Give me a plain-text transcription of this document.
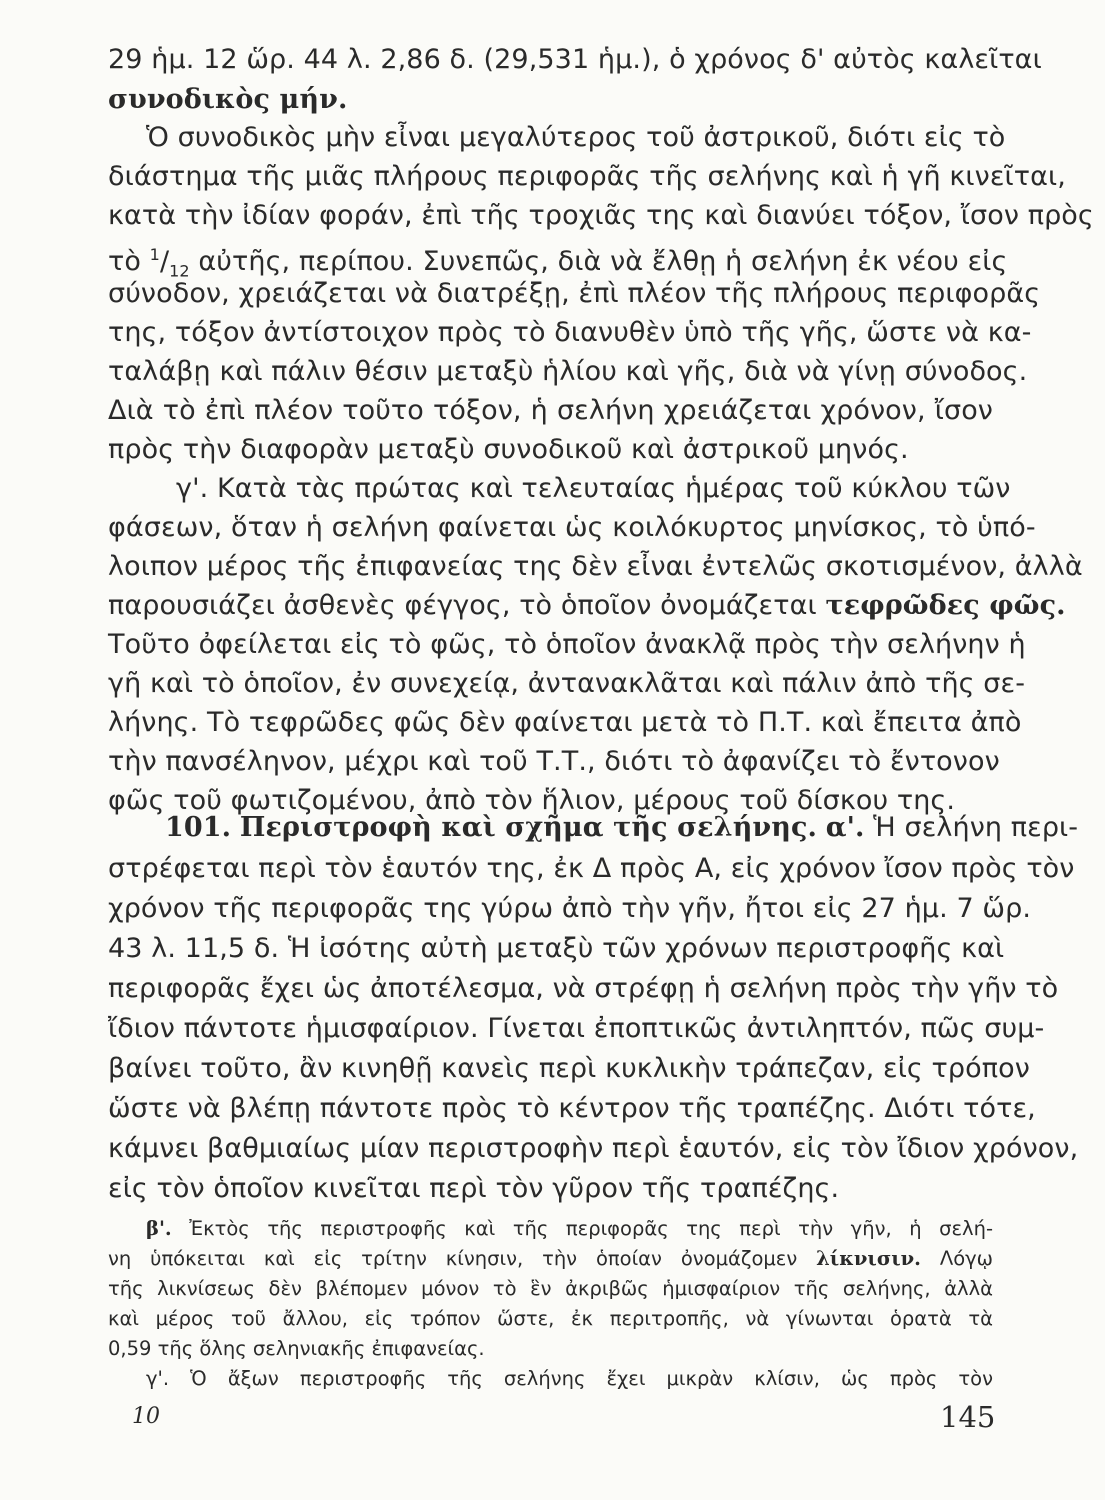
29 ἡμ. 12 ὥρ. 44 λ. 2,86 δ. (29,531 ἡμ.), ὁ χρόνος δ' αὐτὸς καλεῖται
συνοδικὸς μήν.
Ὁ συνοδικὸς μὴν εἶναι μεγαλύτερος τοῦ ἀστρικοῦ, διότι εἰς τὸ
διάστημα τῆς μιᾶς πλήρους περιφορᾶς τῆς σελήνης καὶ ἡ γῆ κινεῖται,
κατὰ τὴν ἰδίαν φοράν, ἐπὶ τῆς τροχιᾶς της καὶ διανύει τόξον, ἴσον πρὸς
τὸ $^1/_{12}$ αὐτῆς, περίπου. Συνεπῶς, διὰ νὰ ἔλθῃ ἡ σελήνη ἐκ νέου εἰς
σύνοδον, χρειάζεται νὰ διατρέξῃ, ἐπὶ πλέον τῆς πλήρους περιφορᾶς
της, τόξον ἀντίστοιχον πρὸς τὸ διανυθὲν ὑπὸ τῆς γῆς, ὥστε νὰ κα-
ταλάβῃ καὶ πάλιν θέσιν μεταξὺ ἡλίου καὶ γῆς, διὰ νὰ γίνῃ σύνοδος.
Διὰ τὸ ἐπὶ πλέον τοῦτο τόξον, ἡ σελήνη χρειάζεται χρόνον, ἴσον
πρὸς τὴν διαφορὰν μεταξὺ συνοδικοῦ καὶ ἀστρικοῦ μηνός.
γ'. Κατὰ τὰς πρώτας καὶ τελευταίας ἡμέρας τοῦ κύκλου τῶν
φάσεων, ὅταν ἡ σελήνη φαίνεται ὡς κοιλόκυρτος μηνίσκος, τὸ ὑπό-
λοιπον μέρος τῆς ἐπιφανείας της δὲν εἶναι ἐντελῶς σκοτισμένον, ἀλλὰ
παρουσιάζει ἀσθενὲς φέγγος, τὸ ὁποῖον ὀνομάζεται τεφρῶδες φῶς.
Τοῦτο ὀφείλεται εἰς τὸ φῶς, τὸ ὁποῖον ἀνακλᾷ πρὸς τὴν σελήνην ἡ
γῆ καὶ τὸ ὁποῖον, ἐν συνεχείᾳ, ἀντανακλᾶται καὶ πάλιν ἀπὸ τῆς σε-
λήνης. Τὸ τεφρῶδες φῶς δὲν φαίνεται μετὰ τὸ Π.Τ. καὶ ἔπειτα ἀπὸ
τὴν πανσέληνον, μέχρι καὶ τοῦ Τ.Τ., διότι τὸ ἀφανίζει τὸ ἔντονον
φῶς τοῦ φωτιζομένου, ἀπὸ τὸν ἥλιον, μέρους τοῦ δίσκου της.
101. Περιστροφὴ καὶ σχῆμα τῆς σελήνης. α'. Ἡ σελήνη περι-
στρέφεται περὶ τὸν ἑαυτόν της, ἐκ Δ πρὸς Α, εἰς χρόνον ἴσον πρὸς τὸν
χρόνον τῆς περιφορᾶς της γύρω ἀπὸ τὴν γῆν, ἤτοι εἰς 27 ἡμ. 7 ὥρ.
43 λ. 11,5 δ. Ἡ ἰσότης αὐτὴ μεταξὺ τῶν χρόνων περιστροφῆς καὶ
περιφορᾶς ἔχει ὡς ἀποτέλεσμα, νὰ στρέφῃ ἡ σελήνη πρὸς τὴν γῆν τὸ
ἴδιον πάντοτε ἡμισφαίριον. Γίνεται ἐποπτικῶς ἀντιληπτόν, πῶς συμ-
βαίνει τοῦτο, ἂν κινηθῇ κανεὶς περὶ κυκλικὴν τράπεζαν, εἰς τρόπον
ὥστε νὰ βλέπῃ πάντοτε πρὸς τὸ κέντρον τῆς τραπέζης. Διότι τότε,
κάμνει βαθμιαίως μίαν περιστροφὴν περὶ ἑαυτόν, εἰς τὸν ἴδιον χρόνον,
εἰς τὸν ὁποῖον κινεῖται περὶ τὸν γῦρον τῆς τραπέζης.
β'. Ἐκτὸς τῆς περιστροφῆς καὶ τῆς περιφορᾶς της περὶ τὴν γῆν, ἡ σελή-
νη ὑπόκειται καὶ εἰς τρίτην κίνησιν, τὴν ὁποίαν ὀνομάζομεν λίκνισιν. Λόγῳ
τῆς λικνίσεως δὲν βλέπομεν μόνον τὸ ἓν ἀκριβῶς ἡμισφαίριον τῆς σελήνης, ἀλλὰ
καὶ μέρος τοῦ ἄλλου, εἰς τρόπον ὥστε, ἐκ περιτροπῆς, νὰ γίνωνται ὁρατὰ τὰ
0,59 τῆς ὅλης σεληνιακῆς ἐπιφανείας.
γ'. Ὁ ἄξων περιστροφῆς τῆς σελήνης ἔχει μικρὰν κλίσιν, ὡς πρὸς τὸν
10	145
